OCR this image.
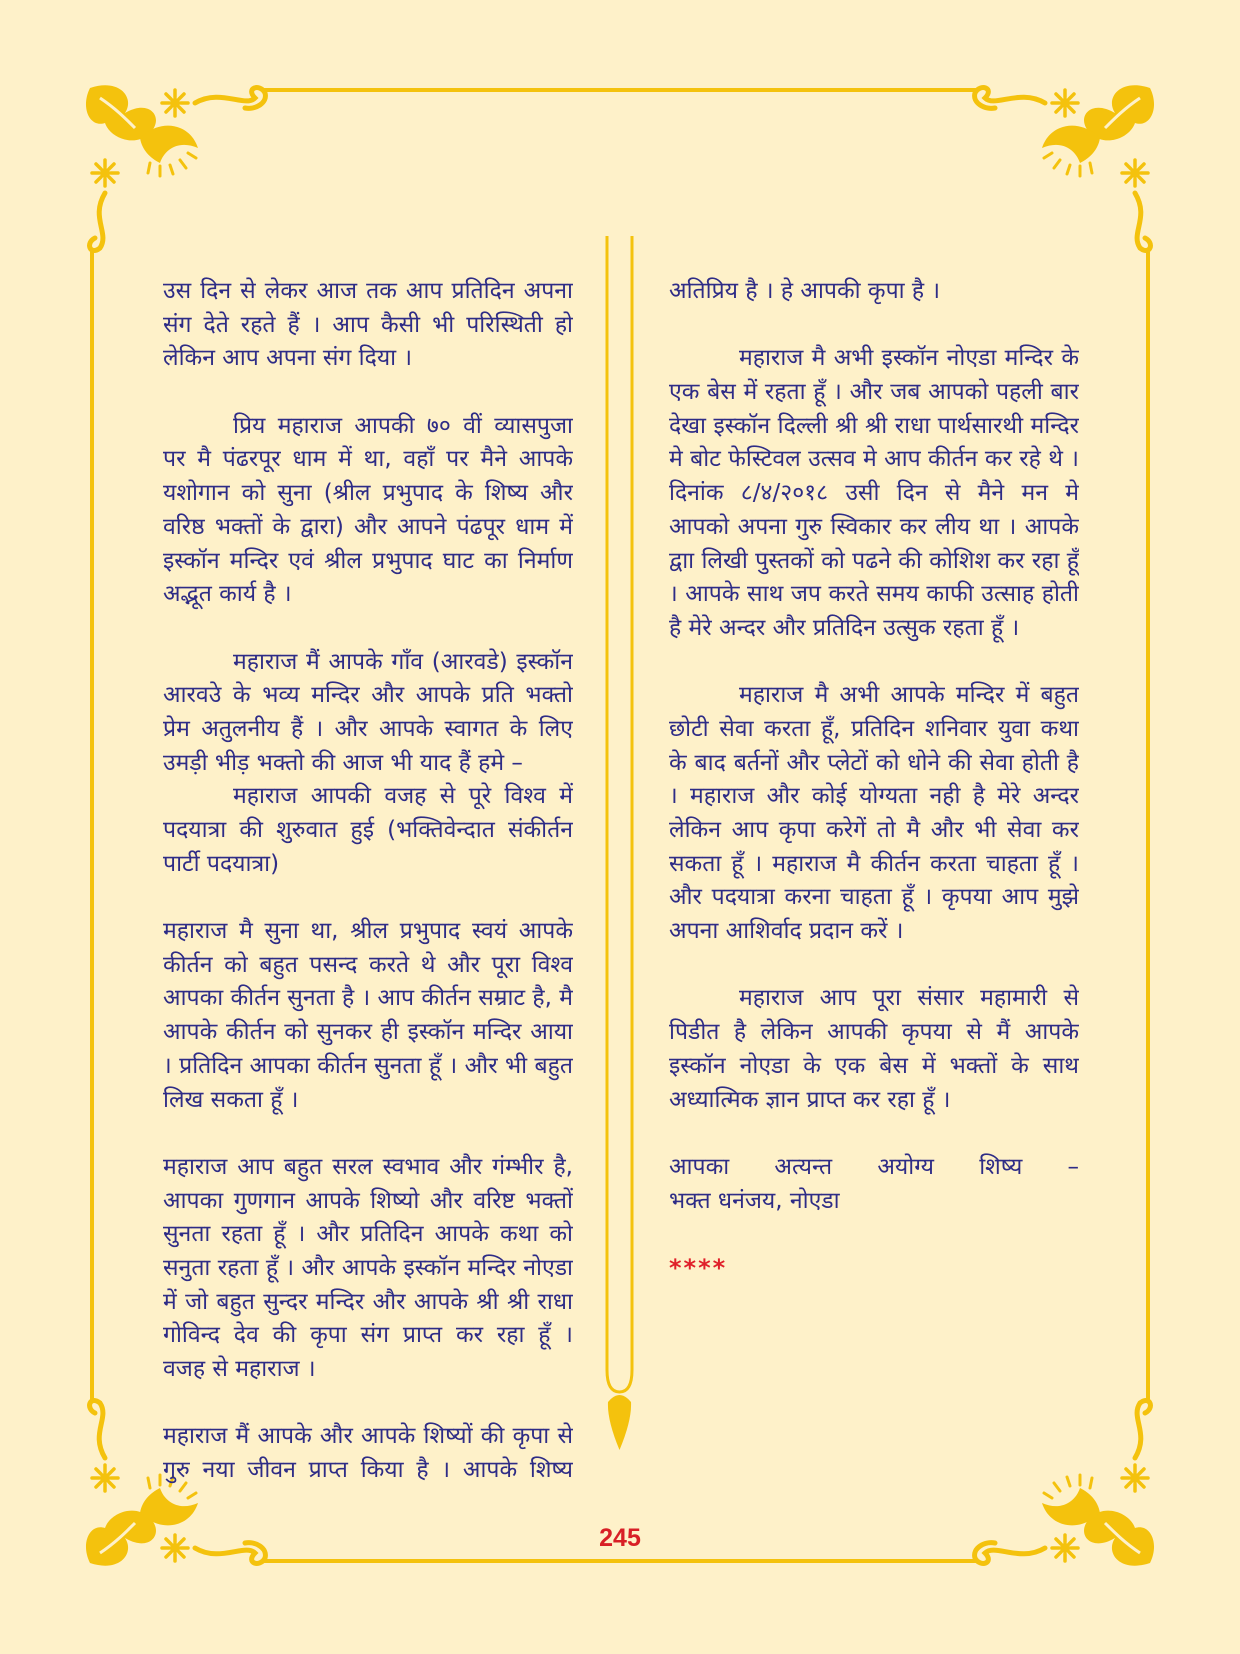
उस दिन से लेकर आज तक आप प्रतिदिन अपना
संग देते रहते हैं । आप कैसी भी परिस्थिती हो
लेकिन आप अपना संग दिया ।
प्रिय महाराज आपकी ७० वीं व्यासपुजा
पर मै पंढरपूर धाम में था, वहाँ पर मैने आपके
यशोगान को सुना (श्रील प्रभुपाद के शिष्य और
वरिष्ठ भक्तों के द्वारा) और आपने पंढपूर धाम में
इस्कॉन मन्दिर एवं श्रील प्रभुपाद घाट का निर्माण
अद्भूत कार्य है ।
महाराज मैं आपके गाँव (आरवडे) इस्कॉन
आरवउे के भव्य मन्दिर और आपके प्रति भक्तो
प्रेम अतुलनीय हैं । और आपके स्वागत के लिए
उमड़ी भीड़ भक्तो की आज भी याद हैं हमे –
महाराज आपकी वजह से पूरे विश्व में
पदयात्रा की शुरुवात हुई (भक्तिवेन्दात संकीर्तन
पार्टी पदयात्रा)
महाराज मै सुना था, श्रील प्रभुपाद स्वयं आपके
कीर्तन को बहुत पसन्द करते थे और पूरा विश्व
आपका कीर्तन सुनता है । आप कीर्तन सम्राट है, मै
आपके कीर्तन को सुनकर ही इस्कॉन मन्दिर आया
। प्रतिदिन आपका कीर्तन सुनता हूँ । और भी बहुत
लिख सकता हूँ ।
महाराज आप बहुत सरल स्वभाव और गंम्भीर है,
आपका गुणगान आपके शिष्यो और वरिष्ट भक्तों
सुनता रहता हूँ । और प्रतिदिन आपके कथा को
सनुता रहता हूँ । और आपके इस्कॉन मन्दिर नोएडा
में जो बहुत सुन्दर मन्दिर और आपके श्री श्री राधा
गोविन्द देव की कृपा संग प्राप्त कर रहा हूँ ।
वजह से महाराज ।
महाराज मैं आपके और आपके शिष्यों की कृपा से
गुरु नया जीवन प्राप्त किया है । आपके शिष्य
अतिप्रिय है । हे आपकी कृपा है ।
महाराज मै अभी इस्कॉन नोएडा मन्दिर के
एक बेस में रहता हूँ । और जब आपको पहली बार
देखा इस्कॉन दिल्ली श्री श्री राधा पार्थसारथी मन्दिर
मे बोट फेस्टिवल उत्सव मे आप कीर्तन कर रहे थे ।
दिनांक ८/४/२०१८ उसी दिन से मैने मन मे
आपको अपना गुरु स्विकार कर लीय था । आपके
द्वाा लिखी पुस्तकों को पढने की कोशिश कर रहा हूँ
। आपके साथ जप करते समय काफी उत्साह होती
है मेरे अन्दर और प्रतिदिन उत्सुक रहता हूँ ।
महाराज मै अभी आपके मन्दिर में बहुत
छोटी सेवा करता हूँ, प्रतिदिन शनिवार युवा कथा
के बाद बर्तनों और प्लेटों को धोने की सेवा होती है
। महाराज और कोई योग्यता नही है मेरे अन्दर
लेकिन आप कृपा करेगें तो मै और भी सेवा कर
सकता हूँ । महाराज मै कीर्तन करता चाहता हूँ ।
और पदयात्रा करना चाहता हूँ । कृपया आप मुझे
अपना आशिर्वाद प्रदान करें ।
महाराज आप पूरा संसार महामारी से
पिडीत है लेकिन आपकी कृपया से मैं आपके
इस्कॉन नोएडा के एक बेस में भक्तों के साथ
अध्यात्मिक ज्ञान प्राप्त कर रहा हूँ ।
आपका अत्यन्त अयोग्य शिष्य –
भक्त धनंजय, नोएडा
****
245
